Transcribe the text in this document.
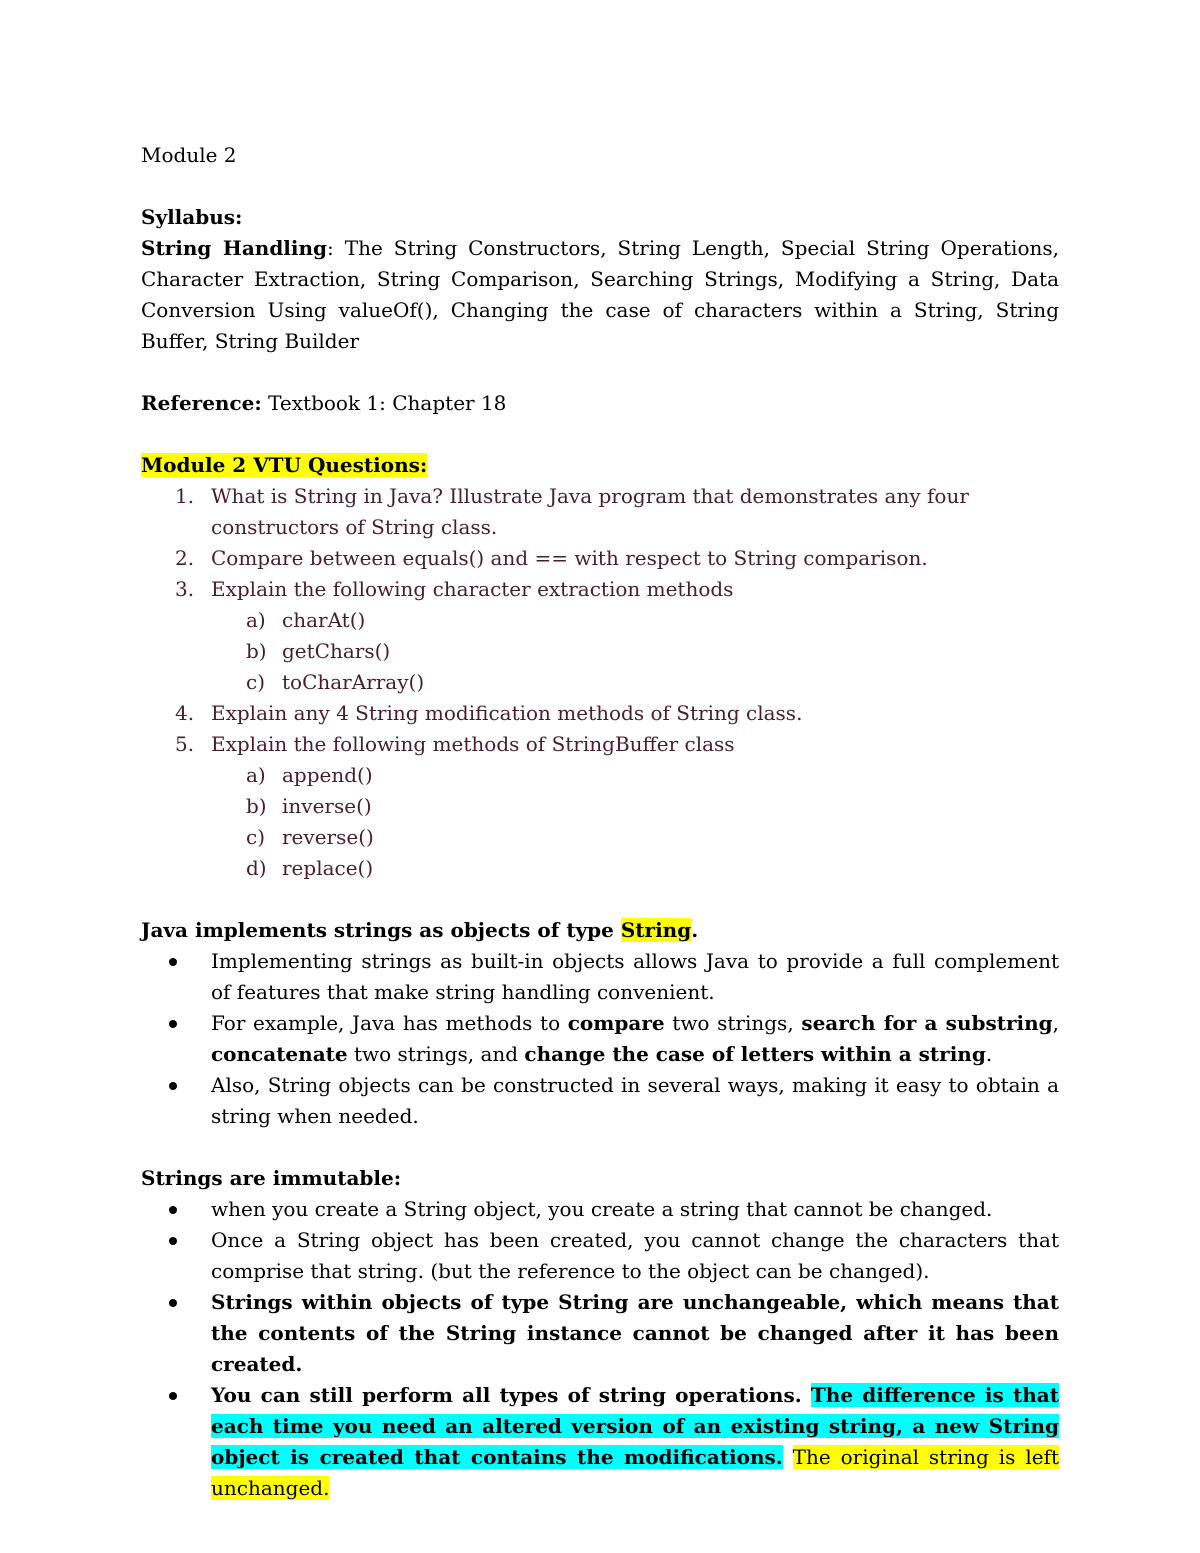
Module 2

Syllabus:

String Handling: The String Constructors, String Length, Special String Operations, Character Extraction, String Comparison, Searching Strings, Modifying a String, Data Conversion Using valueOf(), Changing the case of characters within a String, String Buffer, String Builder

Reference: Textbook 1: Chapter 18

Module 2 VTU Questions:

1. What is String in Java? Illustrate Java program that demonstrates any four constructors of String class.
2. Compare between equals() and == with respect to String comparison.
3. Explain the following character extraction methods
a) charAt()
b) getChars()
c) toCharArray()
4. Explain any 4 String modification methods of String class.
5. Explain the following methods of StringBuffer class
a) append()
b) inverse()
c) reverse()
d) replace()

Java implements strings as objects of type String.

Implementing strings as built-in objects allows Java to provide a full complement of features that make string handling convenient.
For example, Java has methods to compare two strings, search for a substring, concatenate two strings, and change the case of letters within a string.
Also, String objects can be constructed in several ways, making it easy to obtain a string when needed.

Strings are immutable:

when you create a String object, you create a string that cannot be changed.
Once a String object has been created, you cannot change the characters that comprise that string. (but the reference to the object can be changed).
Strings within objects of type String are unchangeable, which means that the contents of the String instance cannot be changed after it has been created.
You can still perform all types of string operations. The difference is that each time you need an altered version of an existing string, a new String object is created that contains the modifications. The original string is left unchanged.
